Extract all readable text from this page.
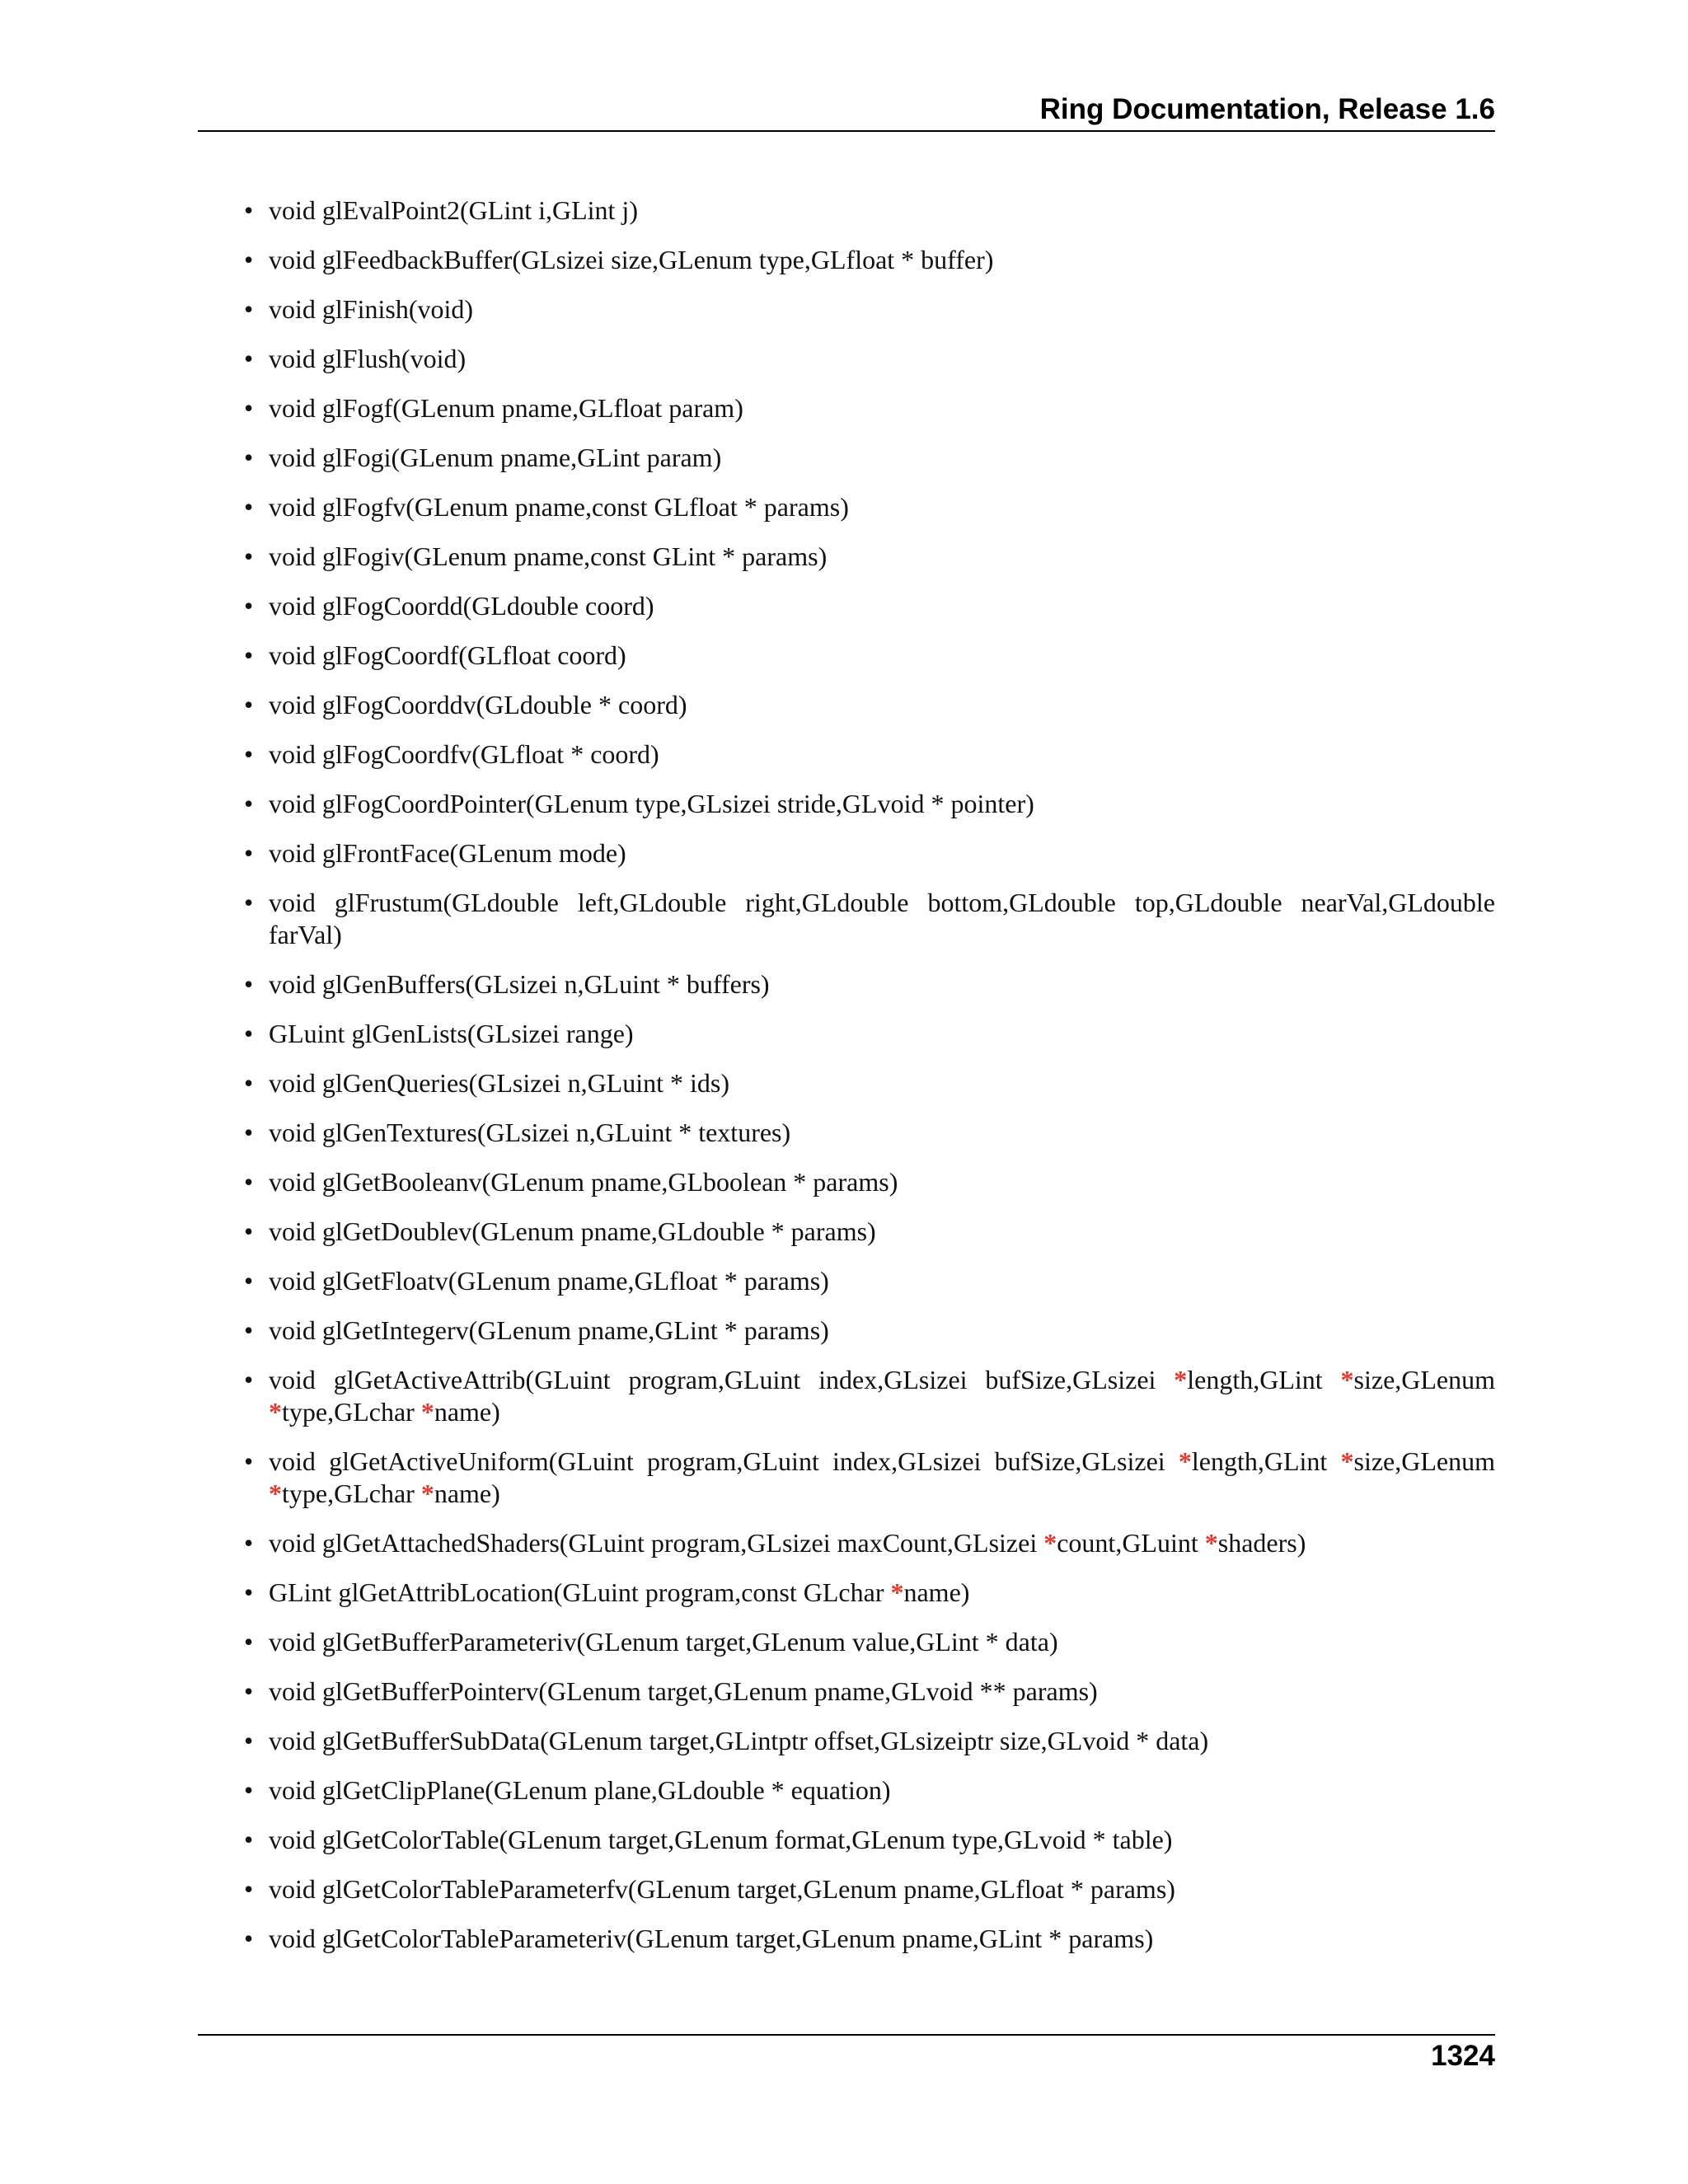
Ring Documentation, Release 1.6
• void glEvalPoint2(GLint i,GLint j)
• void glFeedbackBuffer(GLsizei size,GLenum type,GLfloat * buffer)
• void glFinish(void)
• void glFlush(void)
• void glFogf(GLenum pname,GLfloat param)
• void glFogi(GLenum pname,GLint param)
• void glFogfv(GLenum pname,const GLfloat * params)
• void glFogiv(GLenum pname,const GLint * params)
• void glFogCoordd(GLdouble coord)
• void glFogCoordf(GLfloat coord)
• void glFogCoorddv(GLdouble * coord)
• void glFogCoordfv(GLfloat * coord)
• void glFogCoordPointer(GLenum type,GLsizei stride,GLvoid * pointer)
• void glFrontFace(GLenum mode)
• void glFrustum(GLdouble left,GLdouble right,GLdouble bottom,GLdouble top,GLdouble nearVal,GLdouble farVal)
• void glGenBuffers(GLsizei n,GLuint * buffers)
• GLuint glGenLists(GLsizei range)
• void glGenQueries(GLsizei n,GLuint * ids)
• void glGenTextures(GLsizei n,GLuint * textures)
• void glGetBooleanv(GLenum pname,GLboolean * params)
• void glGetDoublev(GLenum pname,GLdouble * params)
• void glGetFloatv(GLenum pname,GLfloat * params)
• void glGetIntegerv(GLenum pname,GLint * params)
• void glGetActiveAttrib(GLuint program,GLuint index,GLsizei bufSize,GLsizei *length,GLint *size,GLenum *type,GLchar *name)
• void glGetActiveUniform(GLuint program,GLuint index,GLsizei bufSize,GLsizei *length,GLint *size,GLenum *type,GLchar *name)
• void glGetAttachedShaders(GLuint program,GLsizei maxCount,GLsizei *count,GLuint *shaders)
• GLint glGetAttribLocation(GLuint program,const GLchar *name)
• void glGetBufferParameteriv(GLenum target,GLenum value,GLint * data)
• void glGetBufferPointerv(GLenum target,GLenum pname,GLvoid ** params)
• void glGetBufferSubData(GLenum target,GLintptr offset,GLsizeiptr size,GLvoid * data)
• void glGetClipPlane(GLenum plane,GLdouble * equation)
• void glGetColorTable(GLenum target,GLenum format,GLenum type,GLvoid * table)
• void glGetColorTableParameterfv(GLenum target,GLenum pname,GLfloat * params)
• void glGetColorTableParameteriv(GLenum target,GLenum pname,GLint * params)
1324
